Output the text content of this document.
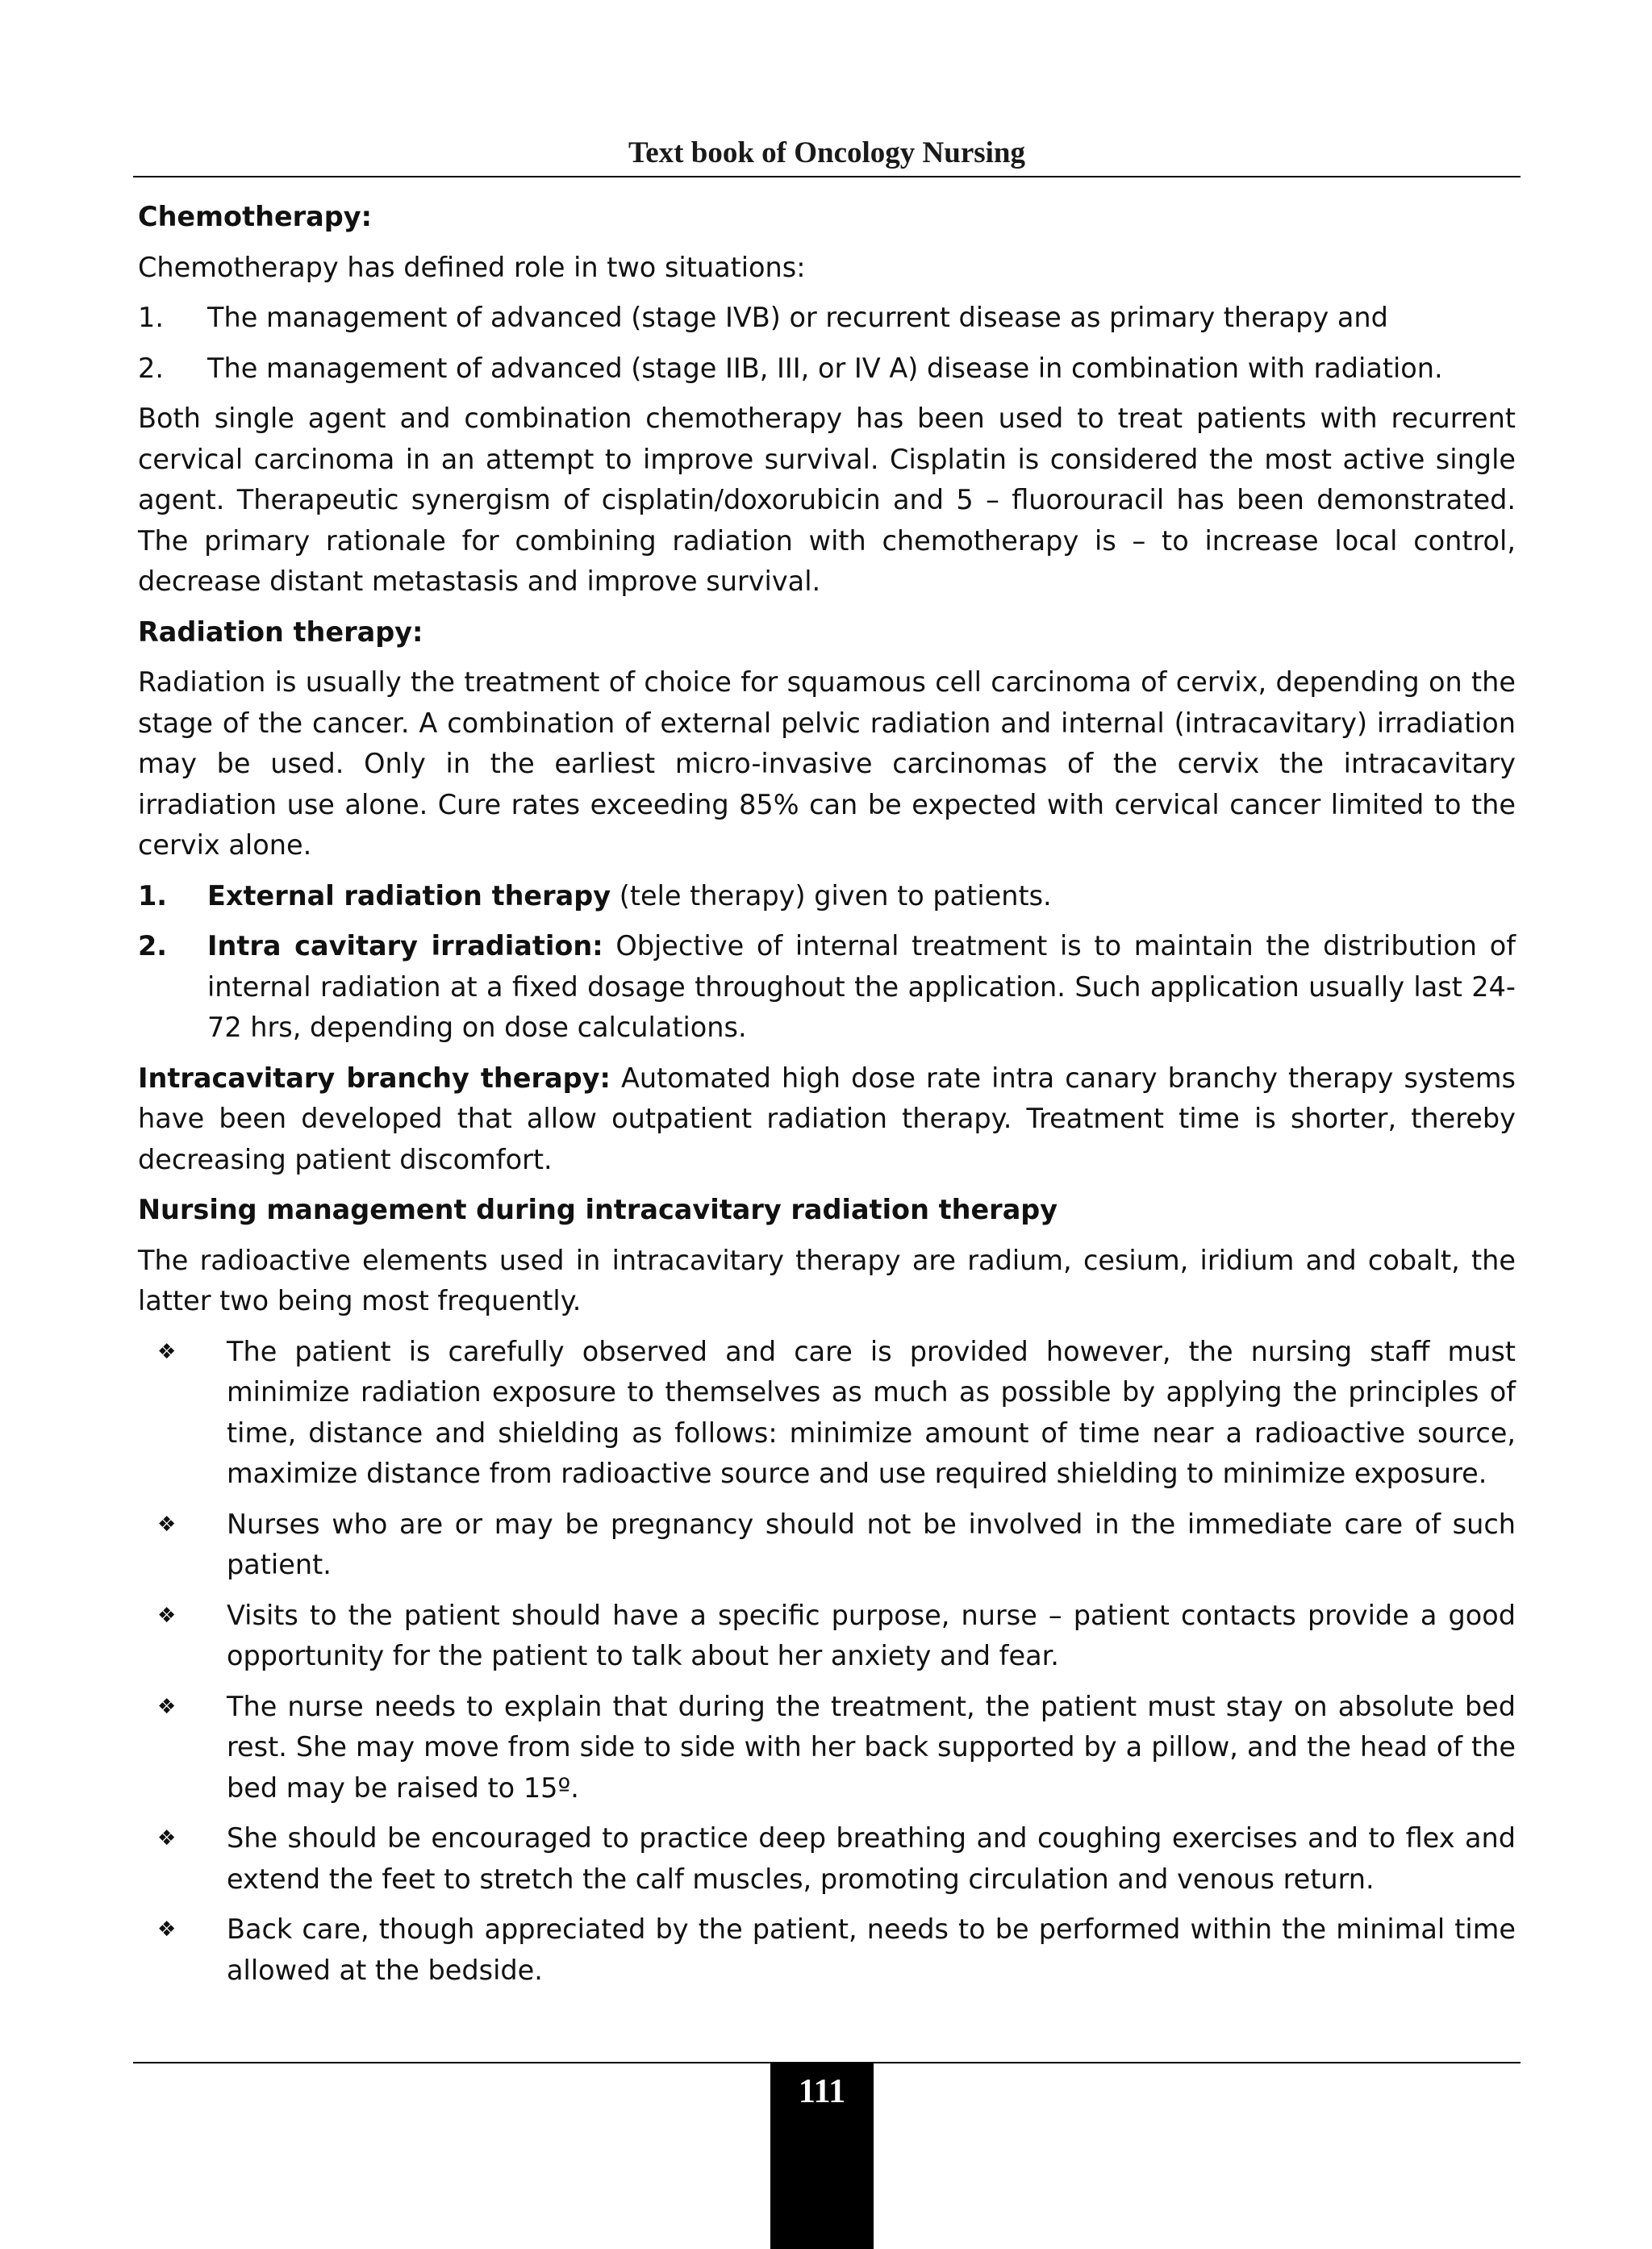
Text book of Oncology Nursing
Chemotherapy:

Chemotherapy has defined role in two situations:

1.	The management of advanced (stage IVB) or recurrent disease as primary therapy and
2.	The management of advanced (stage IIB, III, or IV A) disease in combination with radiation.

Both single agent and combination chemotherapy has been used to treat patients with recurrent cervical carcinoma in an attempt to improve survival. Cisplatin is considered the most active single agent. Therapeutic synergism of cisplatin/doxorubicin and 5 – fluorouracil has been demonstrated. The primary rationale for combining radiation with chemotherapy is – to increase local control, decrease distant metastasis and improve survival.

Radiation therapy:

Radiation is usually the treatment of choice for squamous cell carcinoma of cervix, depending on the stage of the cancer. A combination of external pelvic radiation and internal (intracavitary) irradiation may be used. Only in the earliest micro-invasive carcinomas of the cervix the intracavitary irradiation use alone. Cure rates exceeding 85% can be expected with cervical cancer limited to the cervix alone.

1.	External radiation therapy (tele therapy) given to patients.
2.	Intra cavitary irradiation: Objective of internal treatment is to maintain the distribution of internal radiation at a fixed dosage throughout the application. Such application usually last 24-72 hrs, depending on dose calculations.

Intracavitary branchy therapy: Automated high dose rate intra canary branchy therapy systems have been developed that allow outpatient radiation therapy. Treatment time is shorter, thereby decreasing patient discomfort.

Nursing management during intracavitary radiation therapy

The radioactive elements used in intracavitary therapy are radium, cesium, iridium and cobalt, the latter two being most frequently.

❖	The patient is carefully observed and care is provided however, the nursing staff must minimize radiation exposure to themselves as much as possible by applying the principles of time, distance and shielding as follows: minimize amount of time near a radioactive source, maximize distance from radioactive source and use required shielding to minimize exposure.
❖	Nurses who are or may be pregnancy should not be involved in the immediate care of such patient.
❖	Visits to the patient should have a specific purpose, nurse – patient contacts provide a good opportunity for the patient to talk about her anxiety and fear.
❖	The nurse needs to explain that during the treatment, the patient must stay on absolute bed rest. She may move from side to side with her back supported by a pillow, and the head of the bed may be raised to 15º.
❖	She should be encouraged to practice deep breathing and coughing exercises and to flex and extend the feet to stretch the calf muscles, promoting circulation and venous return.
❖	Back care, though appreciated by the patient, needs to be performed within the minimal time allowed at the bedside.
111
